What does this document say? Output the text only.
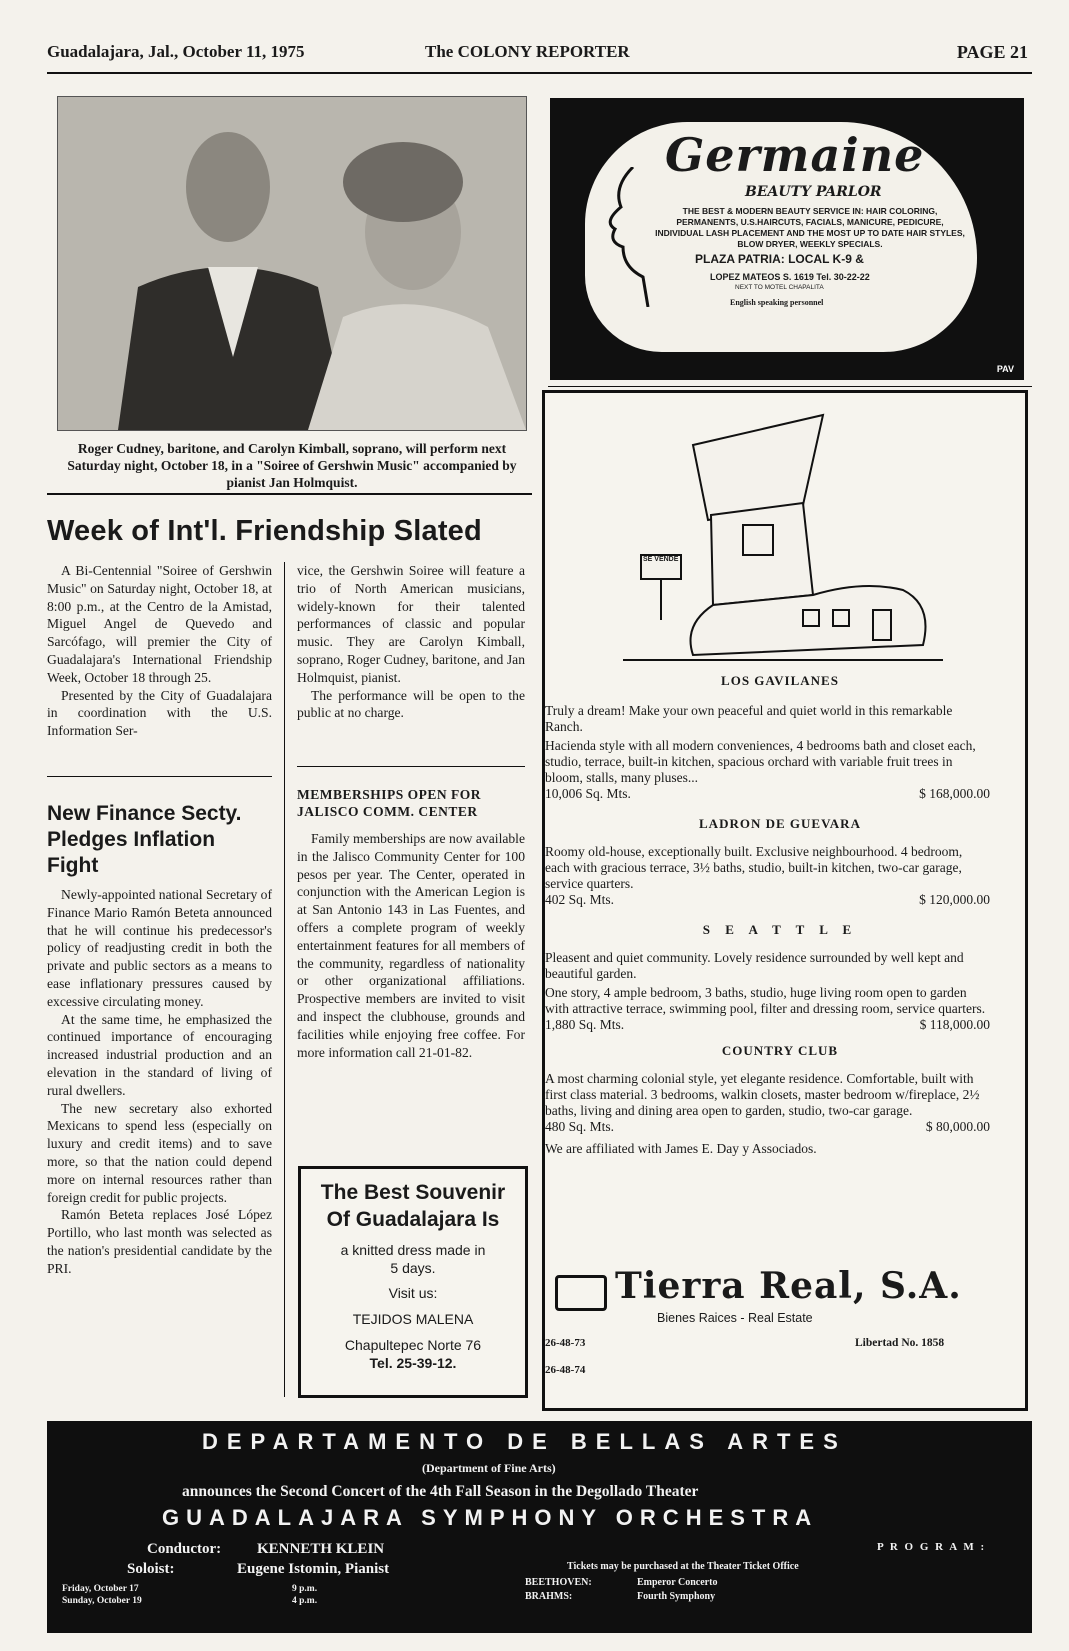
Guadalajara, Jal., October 11, 1975	The COLONY REPORTER	PAGE 21
Roger Cudney, baritone, and Carolyn Kimball, soprano, will perform next Saturday night, October 18, in a "Soiree of Gershwin Music" accompanied by pianist Jan Holmquist.
Week of Int'l. Friendship Slated

A Bi-Centennial "Soiree of Gershwin Music" on Saturday night, October 18, at 8:00 p.m., at the Centro de la Amistad, Miguel Angel de Quevedo and Sarcófago, will premier the City of Guadalajara's International Friendship Week, October 18 through 25.

Presented by the City of Guadalajara in coordination with the U.S. Information Ser-

vice, the Gershwin Soiree will feature a trio of North American musicians, widely-known for their talented performances of classic and popular music. They are Carolyn Kimball, soprano, Roger Cudney, baritone, and Jan Holmquist, pianist.

The performance will be open to the public at no charge.

New Finance Secty. Pledges Inflation Fight

Newly-appointed national Secretary of Finance Mario Ramón Beteta announced that he will continue his predecessor's policy of readjusting credit in both the private and public sectors as a means to ease inflationary pressures caused by excessive circulating money.

At the same time, he emphasized the continued importance of encouraging increased industrial production and an elevation in the standard of living of rural dwellers.

The new secretary also exhorted Mexicans to spend less (especially on luxury and credit items) and to save more, so that the nation could depend more on internal resources rather than foreign credit for public projects.

Ramón Beteta replaces José López Portillo, who last month was selected as the nation's presidential candidate by the PRI.

MEMBERSHIPS OPEN FOR JALISCO COMM. CENTER

Family memberships are now available in the Jalisco Community Center for 100 pesos per year. The Center, operated in conjunction with the American Legion is at San Antonio 143 in Las Fuentes, and offers a complete program of weekly entertainment features for all members of the community, regardless of nationality or other organizational affiliations. Prospective members are invited to visit and inspect the clubhouse, grounds and facilities while enjoying free coffee. For more information call 21-01-82.

The Best Souvenir Of Guadalajara Is
a knitted dress made in 5 days.
Visit us:
TEJIDOS MALENA
Chapultepec Norte 76
Tel. 25-39-12.
Germaine
BEAUTY PARLOR
THE BEST & MODERN BEAUTY SERVICE IN: HAIR COLORING, PERMANENTS, U.S.HAIRCUTS, FACIALS, MANICURE, PEDICURE, INDIVIDUAL LASH PLACEMENT AND THE MOST UP TO DATE HAIR STYLES, BLOW DRYER, WEEKLY SPECIALS.
PLAZA PATRIA: LOCAL K-9 &
LOPEZ MATEOS S. 1619 Tel. 30-22-22
NEXT TO MOTEL CHAPALITA
English speaking personnel
PAV
SE VENDE
LOS GAVILANES
Truly a dream! Make your own peaceful and quiet world in this remarkable Ranch.
Hacienda style with all modern conveniences, 4 bedrooms bath and closet each, studio, terrace, built-in kitchen, spacious orchard with variable fruit trees in bloom, stalls, many pluses...
10,006 Sq. Mts.	$ 168,000.00
LADRON DE GUEVARA
Roomy old-house, exceptionally built. Exclusive neighbourhood. 4 bedroom, each with gracious terrace, 3½ baths, studio, built-in kitchen, two-car garage, service quarters.
402 Sq. Mts.	$ 120,000.00
S E A T T L E
Pleasent and quiet community. Lovely residence surrounded by well kept and beautiful garden.
One story, 4 ample bedroom, 3 baths, studio, huge living room open to garden with attractive terrace, swimming pool, filter and dressing room, service quarters.
1,880 Sq. Mts.	$ 118,000.00
COUNTRY CLUB
A most charming colonial style, yet elegante residence. Comfortable, built with first class material. 3 bedrooms, walkin closets, master bedroom w/fireplace, 2½ baths, living and dining area open to garden, studio, two-car garage.
480 Sq. Mts.	$ 80,000.00
We are affiliated with James E. Day y Associados.
Tierra Real, S.A.
Bienes Raices - Real Estate
26-48-73
26-48-74
Libertad No. 1858
DEPARTAMENTO DE BELLAS ARTES
(Department of Fine Arts)
announces the Second Concert of the 4th Fall Season in the Degollado Theater
GUADALAJARA SYMPHONY ORCHESTRA
Conductor: KENNETH KLEIN
Soloist:	Eugene Istomin, Pianist
Friday, October 17	9 p.m.
Sunday, October 19	4 p.m.
P R O G R A M :
Tickets may be purchased at the Theater Ticket Office
BEETHOVEN:	Emperor Concerto
BRAHMS:	Fourth Symphony
